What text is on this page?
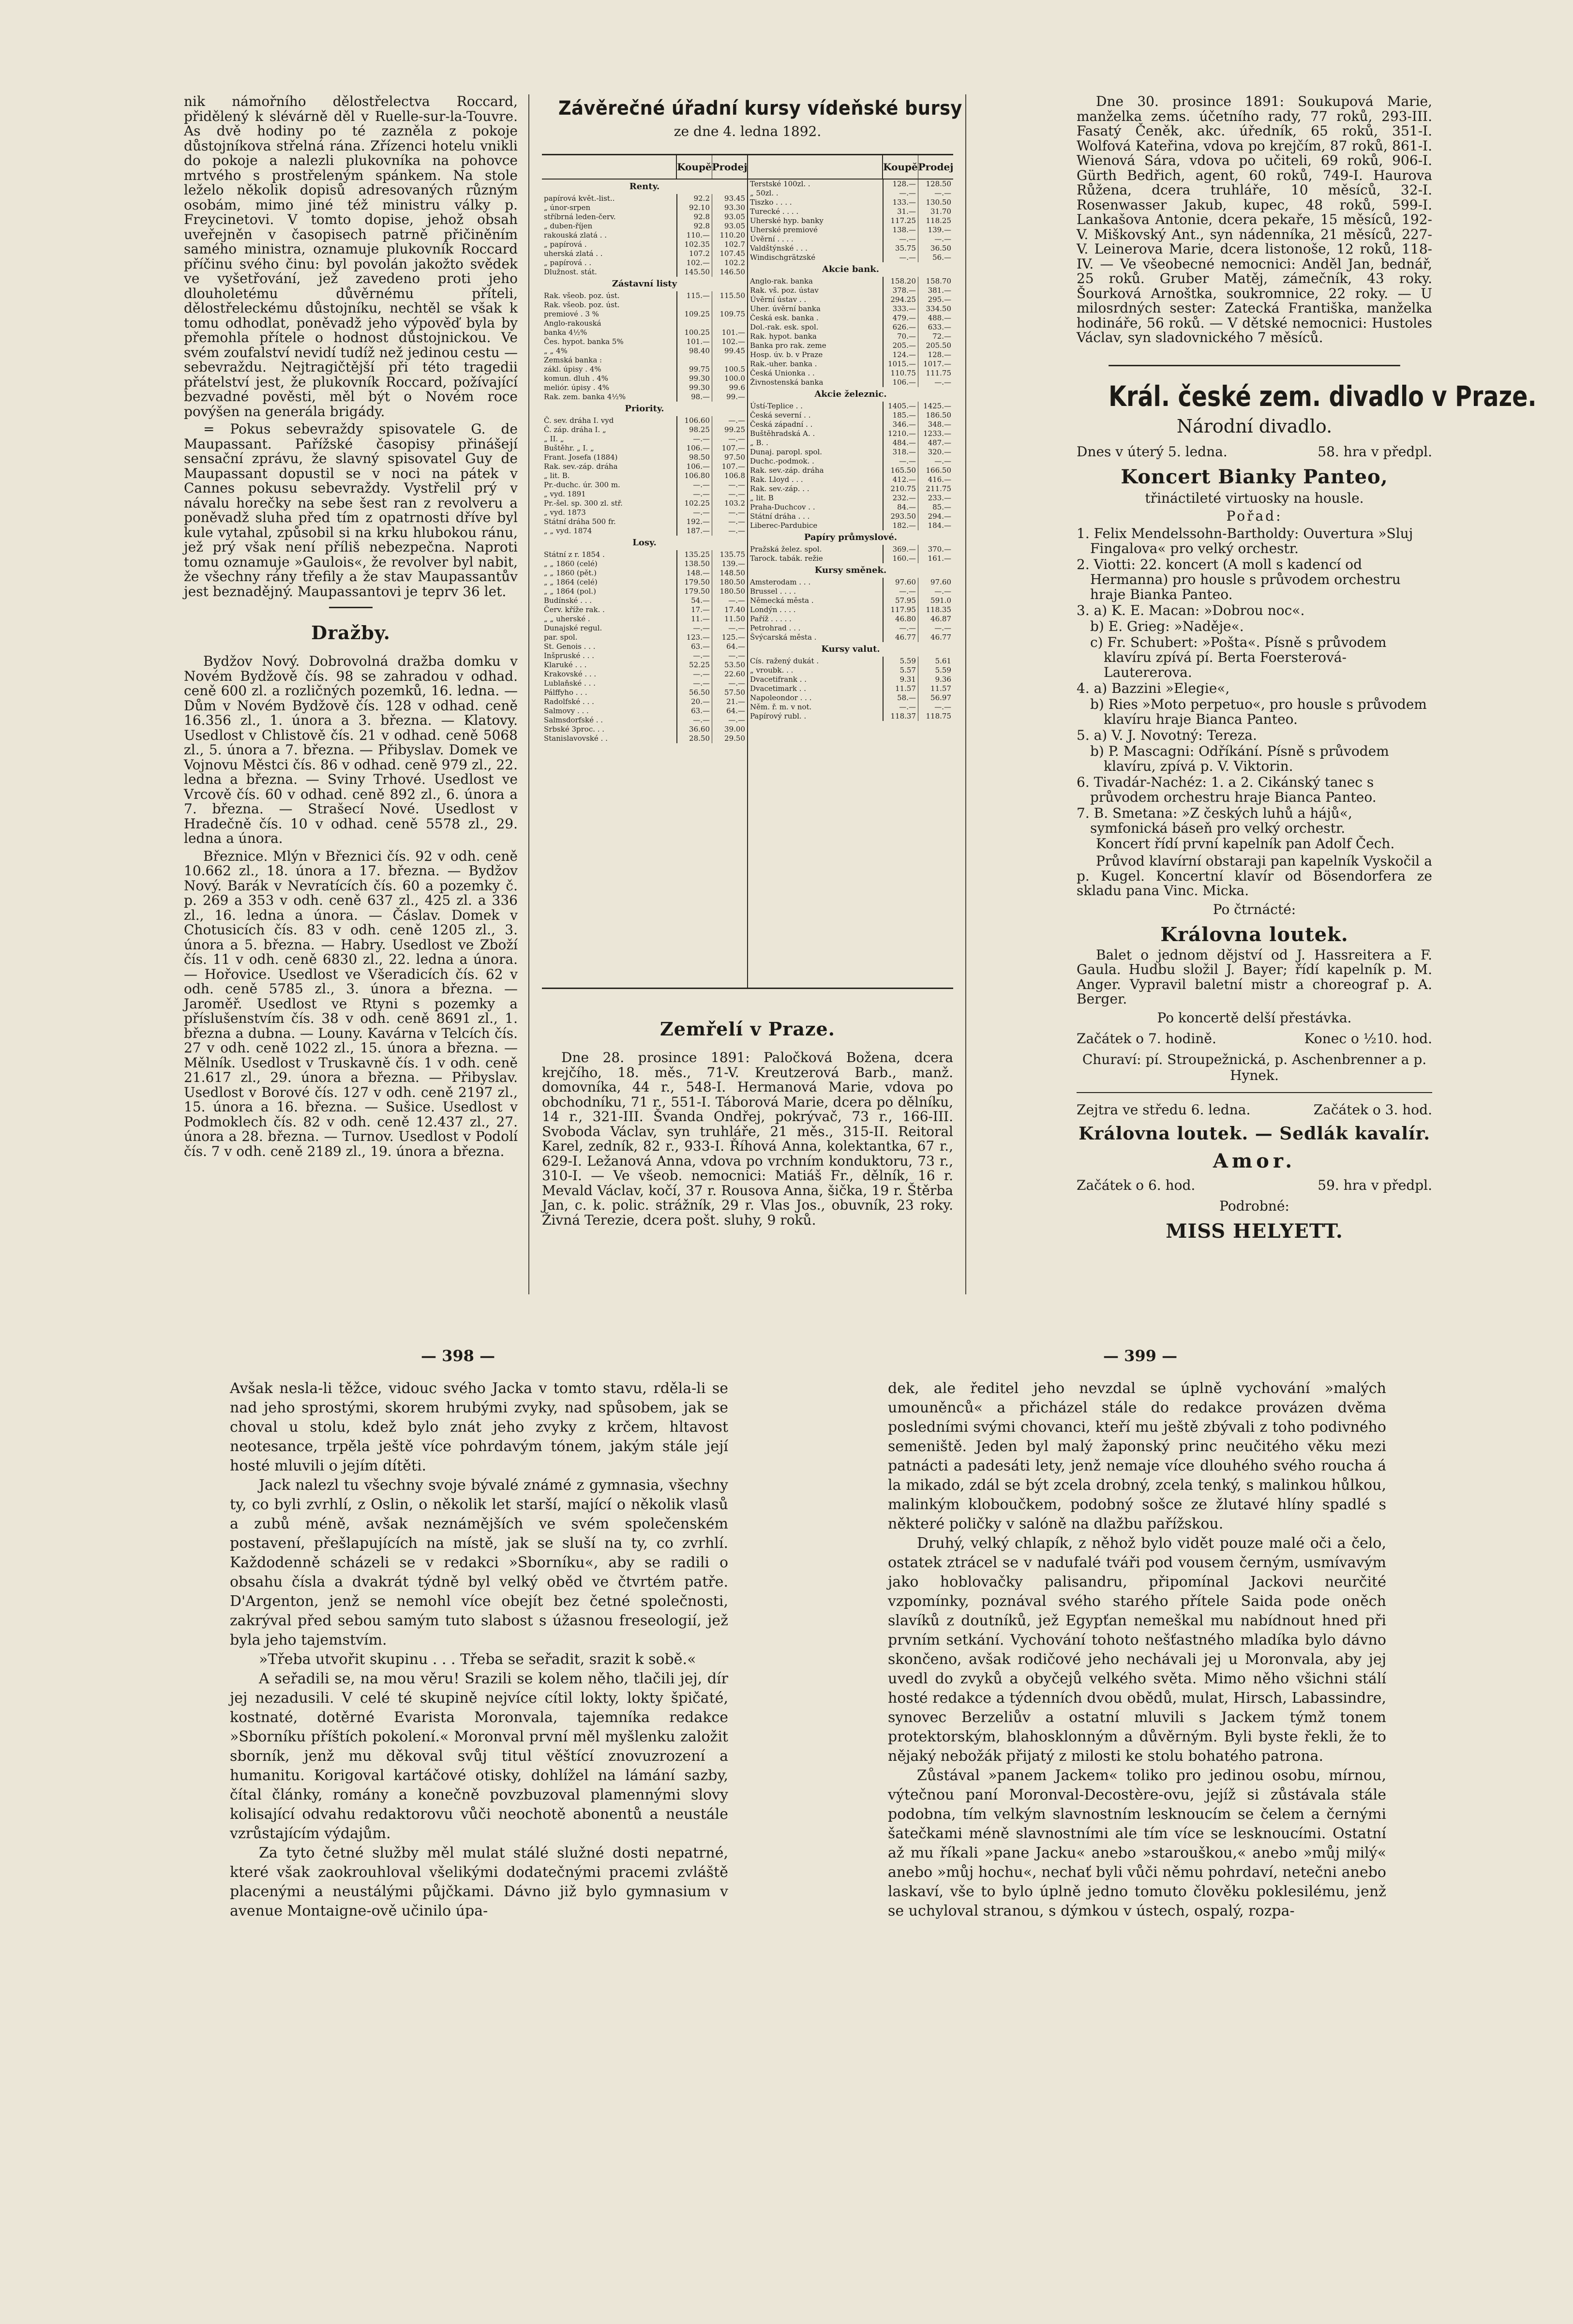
nik námořního dělostřelectva Roccard, přidělený k slévárně děl v Ruelle-sur-la-Touvre. As dvě hodiny po té zazněla z pokoje důstojníkova střelná rána. Zřízenci hotelu vnikli do pokoje a nalezli plukovníka na pohovce mrtvého s prostřeleným spánkem. Na stole leželo několik dopisů adresovaných různým osobám, mimo jiné též ministru války p. Freycinetovi. V tomto dopise, jehož obsah uveřejněn v časopisech patrně přičiněním samého ministra, oznamuje plukovník Roccard příčinu svého činu: byl povolán jakožto svědek ve vyšetřování, jež zavedeno proti jeho dlouholetému důvěrnému příteli, dělostřeleckému důstojníku, nechtěl se však k tomu odhodlat, poněvadž jeho výpověď byla by přemohla přítele o hodnost důstojnickou. Ve svém zoufalství nevidí tudíž než jedinou cestu — sebevraždu. Nejtragičtější při této tragedii přátelství jest, že plukovník Roccard, požívající bezvadné pověsti, měl být o Novém roce povýšen na generála brigády.

= Pokus sebevraždy spisovatele G. de Maupassant. Pařížské časopisy přinášejí sensační zprávu, že slavný spisovatel Guy de Maupassant dopustil se v noci na pátek v Cannes pokusu sebevraždy. Vystřelil prý v návalu horečky na sebe šest ran z revolveru a poněvadž sluha před tím z opatrnosti dříve byl kule vytahal, způsobil si na krku hlubokou ránu, jež prý však není příliš nebezpečna. Naproti tomu oznamuje »Gaulois«, že revolver byl nabit, že všechny rány třefily a že stav Maupassantův jest beznadějný. Maupassantovi je teprv 36 let.

Dražby.

Bydžov Nový. Dobrovolná dražba domku v Novém Bydžově čís. 98 se zahradou v odhad. ceně 600 zl. a rozličných pozemků, 16. ledna. — Dům v Novém Bydžově čís. 128 v odhad. ceně 16.356 zl., 1. února a 3. března. — Klatovy. Usedlost v Chlistově čís. 21 v odhad. ceně 5068 zl., 5. února a 7. března. — Přibyslav. Domek ve Vojnovu Městci čís. 86 v odhad. ceně 979 zl., 22. ledna a března. — Sviny Trhové. Usedlost ve Vrcově čís. 60 v odhad. ceně 892 zl., 6. února a 7. března. — Strašecí Nové. Usedlost v Hradečně čís. 10 v odhad. ceně 5578 zl., 29. ledna a února.

Březnice. Mlýn v Březnici čís. 92 v odh. ceně 10.662 zl., 18. února a 17. března. — Bydžov Nový. Barák v Nevratících čís. 60 a pozemky č. p. 269 a 353 v odh. ceně 637 zl., 425 zl. a 336 zl., 16. ledna a února. — Čáslav. Domek v Chotusicích čís. 83 v odh. ceně 1205 zl., 3. února a 5. března. — Habry. Usedlost ve Zboží čís. 11 v odh. ceně 6830 zl., 22. ledna a února. — Hořovice. Usedlost ve Všeradicích čís. 62 v odh. ceně 5785 zl., 3. února a března. — Jaroměř. Usedlost ve Rtyni s pozemky a příslušenstvím čís. 38 v odh. ceně 8691 zl., 1. března a dubna. — Louny. Kavárna v Telcích čís. 27 v odh. ceně 1022 zl., 15. února a března. — Mělník. Usedlost v Truskavně čís. 1 v odh. ceně 21.617 zl., 29. února a března. — Přibyslav. Usedlost v Borové čís. 127 v odh. ceně 2197 zl., 15. února a 16. března. — Sušice. Usedlost v Podmoklech čís. 82 v odh. ceně 12.437 zl., 27. února a 28. března. — Turnov. Usedlost v Podolí čís. 7 v odh. ceně 2189 zl., 19. února a března.

Závěrečné úřadní kursy vídeňské bursy
ze dne 4. ledna 1892.
Koupě Prodej
Renty.
papírová květ.-list..	92.2	93.45
„ únor-srpen	92.10	93.30
stříbrná leden-červ.	92.8	93.05
„ duben-říjen	92.8	93.05
rakouská zlatá . .	110.—	110.20
„ papírová .	102.35	102.7
uherská zlatá . .	107.2	107.45
„ papírová . .	102.—	102.2
Dlužnost. stát.	145.50	146.50
Zástavní listy
Rak. všeob. poz. úst.	115.—	115.50
Rak. všeob. poz. úst.
premiové . 3 %	109.25	109.75
Anglo-rakouská
banka 4½%	100.25	101.—
Čes. hypot. banka 5%	101.—	102.—
„ „ 4%	98.40	99.45
Zemská banka :
zákl. úpisy . 4%	99.75	100.5
komun. dluh . 4%	99.30	100.0
meliór. úpisy . 4%	99.30	99.6
Rak. zem. banka 4½%	98.—	99.—
Priority.
Č. sev. dráha I. vyd	106.60	—.—
Č. záp. dráha I. „	98.25	99.25
„ II. „	—.—	—.—
Buštěhr. „ I. „	106.—	107.—
Frant. Josefa (1884)	98.50	97.50
Rak. sev.-záp. dráha	106.—	107.—
„ lit. B.	106.80	106.8
Pr.-duchc. úr. 300 m.	—.—	—.—
„ vyd. 1891	—.—	—.—
Pr.-šel. sp. 300 zl. stř.	102.25	103.2
„ vyd. 1873	—.—	—.—
Státní dráha 500 fr.	192.—	—.—
„ „ vyd. 1874	187.—	—.—
Losy.
Státní z r. 1854 .	135.25	135.75
„ „ 1860 (celé)	138.50	139.—
„ „ 1860 (pět.)	148.—	148.50
„ „ 1864 (celé)	179.50	180.50
„ „ 1864 (pol.)	179.50	180.50
Budínské . . .	54.—	—.—
Červ. kříže rak. .	17.—	17.40
„ „ uherské .	11.—	11.50
Dunajské regul.	—.—	—.—
par. spol.	123.—	125.—
St. Genois . . .	63.—	64.—
Inšpruské . . .	—.—	—.—
Klaruké . . .	52.25	53.50
Krakovské . . .	—.—	22.60
Lublaňské . . .	—.—	—.—
Pálffyho . . .	56.50	57.50
Radolfské . . .	20.—	21.—
Salmovy . . .	63.—	64.—
Salmsdorfské . .	—.—	—.—
Srbské 3proc. . .	36.60	39.00
Stanislavovské . .	28.50	29.50
Koupě Prodej
Terstské 100zl. .	128.—	128.50
„ 50zl. .	—.—	—.—
Tiszko . . . .	133.—	130.50
Turecké . . . .	31.—	31.70
Uherské hyp. banky	117.25	118.25
Uherské premiové	138.—	139.—
Úvěrní . . . .	—.—	—.—
Valdštýnské . . .	35.75	36.50
Windischgrätzské	—.—	56.—
Akcie bank.
Anglo-rak. banka	158.20	158.70
Rak. vš. poz. ústav	378.—	381.—
Úvěrní ústav . .	294.25	295.—
Uher. úvěrní banka	333.—	334.50
Česká esk. banka .	479.—	488.—
Dol.-rak. esk. spol.	626.—	633.—
Rak. hypot. banka	70.—	72.—
Banka pro rak. zeme	205.—	205.50
Hosp. úv. b. v Praze	124.—	128.—
Rak.-uher. banka .	1015.—	1017.—
Česká Unionka . .	110.75	111.75
Živnostenská banka	106.—	—.—
Akcie železnic.
Ústí-Teplice . .	1405.—	1425.—
Česká severní . .	185.—	186.50
Česká západní . .	346.—	348.—
Buštěhradská A. .	1210.—	1233.—
„ B. .	484.—	487.—
Dunaj. paropl. spol.	318.—	320.—
Duchc.-podmok. .	—.—	—.—
Rak. sev.-záp. dráha	165.50	166.50
Rak. Lloyd . . .	412.—	416.—
Rak. sev.-záp. . .	210.75	211.75
„ lit. B	232.—	233.—
Praha-Duchcov . .	84.—	85.—
Státní dráha . . .	293.50	294.—
Liberec-Pardubice	182.—	184.—
Papíry průmyslové.
Pražská želez. spol.	369.—	370.—
Tarock. tabák. režie	160.—	161.—
Kursy směnek.
Amsterodam . . .	97.60	97.60
Brussel . . . .	—.—	—.—
Německá města .	57.95	591.0
Londýn . . . .	117.95	118.35
Paříž . . . . .	46.80	46.87
Petrohrad . . .	—.—	—.—
Švýcarská města .	46.77	46.77
Kursy valut.
Cís. ražený dukát .	5.59	5.61
„ vroubk. . .	5.57	5.59
Dvacetifrank . .	9.31	9.36
Dvacetimark . .	11.57	11.57
Napoleondor . . .	58.—	56.97
Něm. ř. m. v not.	—.—	—.—
Papírový rubl. .	118.37	118.75
Zemřelí v Praze.

Dne 28. prosince 1891: Paločková Božena, dcera krejčího, 18. měs., 71-V. Kreutzerová Barb., manž. domovníka, 44 r., 548-I. Hermanová Marie, vdova po obchodníku, 71 r., 551-I. Táborová Marie, dcera po dělníku, 14 r., 321-III. Švanda Ondřej, pokrývač, 73 r., 166-III. Svoboda Václav, syn truhláře, 21 měs., 315-II. Reitoral Karel, zedník, 82 r., 933-I. Říhová Anna, kolektantka, 67 r., 629-I. Ležanová Anna, vdova po vrchním konduktoru, 73 r., 310-I. — Ve všeob. nemocnici: Matiáš Fr., dělník, 16 r. Mevald Václav, kočí, 37 r. Rousova Anna, šička, 19 r. Štěrba Jan, c. k. polic. strážník, 29 r. Vlas Jos., obuvník, 23 roky. Živná Terezie, dcera pošt. sluhy, 9 roků.

Dne 30. prosince 1891: Soukupová Marie, manželka zems. účetního rady, 77 roků, 293-III. Fasatý Čeněk, akc. úředník, 65 roků, 351-I. Wolfová Kateřina, vdova po krejčím, 87 roků, 861-I. Wienová Sára, vdova po učiteli, 69 roků, 906-I. Gürth Bedřich, agent, 60 roků, 749-I. Haurova Růžena, dcera truhláře, 10 měsíců, 32-I. Rosenwasser Jakub, kupec, 48 roků, 599-I. Lankašova Antonie, dcera pekaře, 15 měsíců, 192-V. Miškovský Ant., syn nádenníka, 21 měsíců, 227-V. Leinerova Marie, dcera listonoše, 12 roků, 118-IV. — Ve všeobecné nemocnici: Anděl Jan, bednář, 25 roků. Gruber Matěj, zámečník, 43 roky. Šourková Arnoštka, soukromnice, 22 roky. — U milosrdných sester: Zatecká Františka, manželka hodináře, 56 roků. — V dětské nemocnici: Hustoles Václav, syn sladovnického 7 měsíců.

Král. české zem. divadlo v Praze.
Národní divadlo.
Dnes v úterý 5. ledna.	58. hra v předpl.
Koncert Bianky Panteo,
třináctileté virtuosky na housle.
Pořad:
1. Felix Mendelssohn-Bartholdy: Ouvertura »Sluj Fingalova« pro velký orchestr.
2. Viotti: 22. koncert (A moll s kadencí od Hermanna) pro housle s průvodem orchestru hraje Bianka Panteo.
3. a) K. E. Macan: »Dobrou noc«.
b) E. Grieg: »Naděje«.
c) Fr. Schubert: »Pošta«. Písně s průvodem klavíru zpívá pí. Berta Foersterová-Lautererova.
4. a) Bazzini »Elegie«,
b) Ries »Moto perpetuo«, pro housle s průvodem klavíru hraje Bianca Panteo.
5. a) V. J. Novotný: Tereza.
b) P. Mascagni: Odříkání. Písně s průvodem klavíru, zpívá p. V. Viktorin.
6. Tivadár-Nachéz: 1. a 2. Cikánský tanec s průvodem orchestru hraje Bianca Panteo.
7. B. Smetana: »Z českých luhů a hájů«, symfonická báseň pro velký orchestr.

Koncert řídí první kapelník pan Adolf Čech.

Průvod klavírní obstaraji pan kapelník Vyskočil a p. Kugel. Koncertní klavír od Bösendorfera ze skladu pana Vinc. Micka.

Po čtrnácté:
Královna loutek.

Balet o jednom dějství od J. Hassreitera a F. Gaula. Hudbu složil J. Bayer; řídí kapelník p. M. Anger. Vypravil baletní mistr a choreograf p. A. Berger.

Po koncertě delší přestávka.
Začátek o 7. hodině.	Konec o ½10. hod.
Churaví: pí. Stroupežnická, p. Aschenbrenner a p. Hynek.
Zejtra ve středu 6. ledna.	Začátek o 3. hod.
Královna loutek. — Sedlák kavalír.
Amor.
Začátek o 6. hod.	59. hra v předpl.
Podrobné:
MISS HELYETT.
— 398 —	— 399 —

Avšak nesla-li těžce, vidouc svého Jacka v tomto stavu, rděla-li se nad jeho sprostými, skorem hrubými zvyky, nad spůsobem, jak se choval u stolu, kdež bylo znát jeho zvyky z krčem, hltavost neotesance, trpěla ještě více pohrdavým tónem, jakým stále její hosté mluvili o jejím dítěti.

Jack nalezl tu všechny svoje bývalé známé z gymnasia, všechny ty, co byli zvrhlí, z Oslin, o několik let starší, mající o několik vlasů a zubů méně, avšak neznámějších ve svém společenském postavení, přešlapujících na místě, jak se sluší na ty, co zvrhlí. Každodenně scházeli se v redakci »Sborníku«, aby se radili o obsahu čísla a dvakrát týdně byl velký oběd ve čtvrtém patře. D'Argenton, jenž se nemohl více obejít bez četné společnosti, zakrýval před sebou samým tuto slabost s úžasnou freseologií, jež byla jeho tajemstvím.

»Třeba utvořit skupinu . . . Třeba se seřadit, srazit k sobě.«

A seřadili se, na mou věru! Srazili se kolem něho, tlačili jej, dír jej nezadusili. V celé té skupině nejvíce cítil lokty, lokty špičaté, kostnaté, dotěrné Evarista Moronvala, tajemníka redakce »Sborníku příštích pokolení.« Moronval první měl myšlenku založit sborník, jenž mu děkoval svůj titul věštící znovuzrození a humanitu. Korigoval kartáčové otisky, dohlížel na lámání sazby, čítal články, romány a konečně povzbuzoval plamennými slovy kolisající odvahu redaktorovu vůči neochotě abonentů a neustále vzrůstajícím výdajům.

Za tyto četné služby měl mulat stálé služné dosti nepatrné, které však zaokrouhloval všelikými dodatečnými pracemi zvláště placenými a neustálými půjčkami. Dávno již bylo gymnasium v avenue Montaigne-ově učinilo úpa-

dek, ale ředitel jeho nevzdal se úplně vychování »malých umouněnců« a přicházel stále do redakce provázen dvěma posledními svými chovanci, kteří mu ještě zbývali z toho podivného semeniště. Jeden byl malý žaponský princ neučitého věku mezi patnácti a padesáti lety, jenž nemaje více dlouhého svého roucha á la mikado, zdál se být zcela drobný, zcela tenký, s malinkou hůlkou, malinkým kloboučkem, podobný sošce ze žlutavé hlíny spadlé s některé poličky v salóně na dlažbu pařížskou.

Druhý, velký chlapík, z něhož bylo vidět pouze malé oči a čelo, ostatek ztrácel se v nadufalé tváři pod vousem černým, usmívavým jako hoblovačky palisandru, připomínal Jackovi neurčité vzpomínky, poznával svého starého přítele Saida pode oněch slavíků z doutníků, jež Egypťan nemeškal mu nabídnout hned při prvním setkání. Vychování tohoto nešťastného mladíka bylo dávno skončeno, avšak rodičové jeho nechávali jej u Moronvala, aby jej uvedl do zvyků a obyčejů velkého světa. Mimo něho všichni stálí hosté redakce a týdenních dvou obědů, mulat, Hirsch, Labassindre, synovec Berzeliův a ostatní mluvili s Jackem týmž tonem protektorským, blahosklonným a důvěrným. Byli byste řekli, že to nějaký nebožák přijatý z milosti ke stolu bohatého patrona.

Zůstával »panem Jackem« toliko pro jedinou osobu, mírnou, výtečnou paní Moronval-Decostère-ovu, jejíž si zůstávala stále podobna, tím velkým slavnostním lesknoucím se čelem a černými šatečkami méně slavnostními ale tím více se lesknoucími. Ostatní až mu říkali »pane Jacku« anebo »starouškou,« anebo »můj milý« anebo »můj hochu«, nechať byli vůči němu pohrdaví, netečni anebo laskaví, vše to bylo úplně jedno tomuto člověku poklesilému, jenž se uchyloval stranou, s dýmkou v ústech, ospalý, rozpa-
